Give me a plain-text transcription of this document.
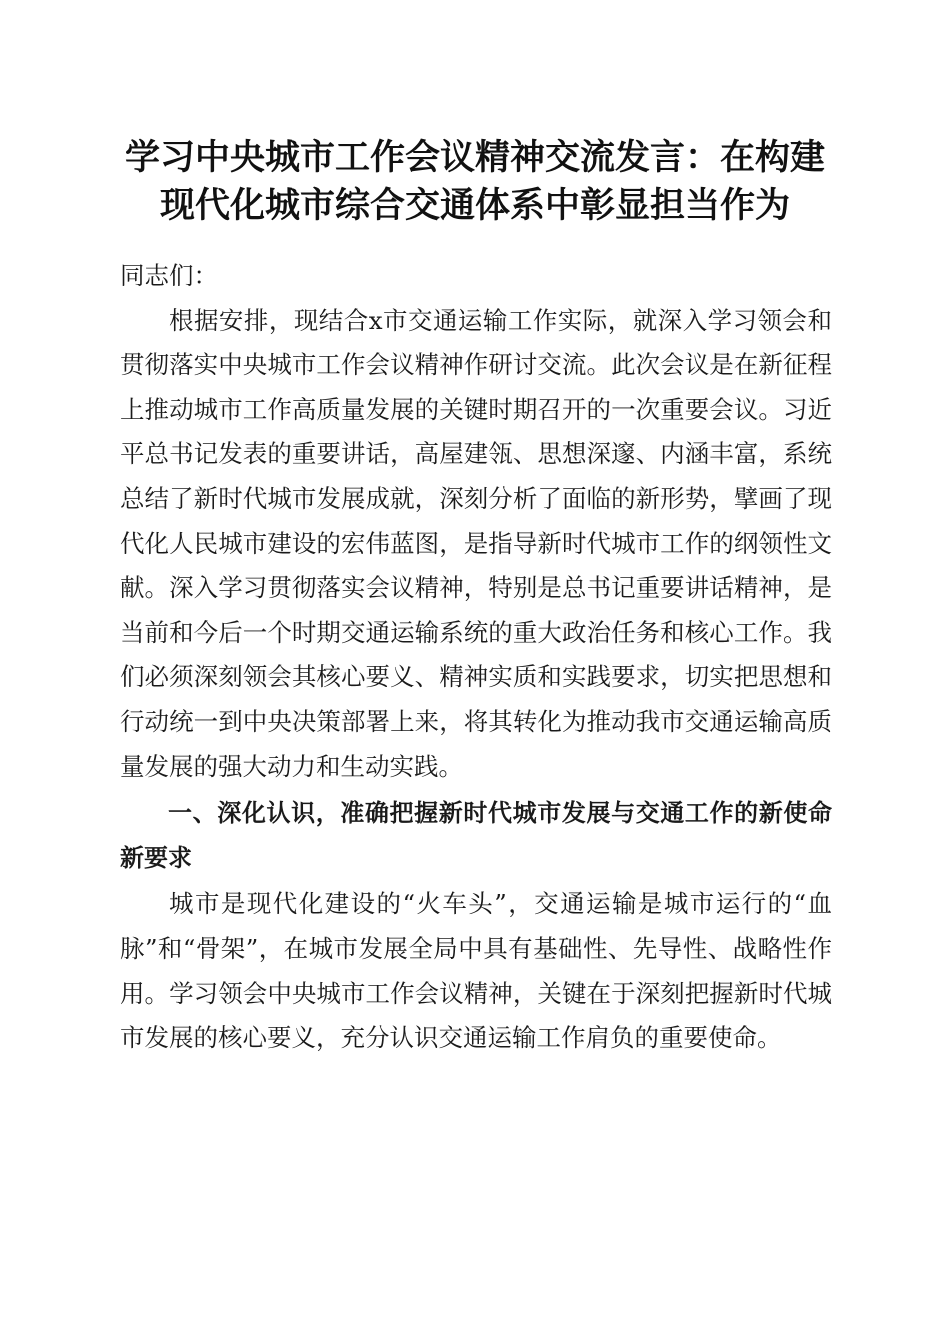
学习中央城市工作会议精神交流发言：在构建
现代化城市综合交通体系中彰显担当作为

同志们：

根据安排，现结合x市交通运输工作实际，就深入学习领会和贯彻落实中央城市工作会议精神作研讨交流。此次会议是在新征程上推动城市工作高质量发展的关键时期召开的一次重要会议。习近平总书记发表的重要讲话，高屋建瓴、思想深邃、内涵丰富，系统总结了新时代城市发展成就，深刻分析了面临的新形势，擘画了现代化人民城市建设的宏伟蓝图，是指导新时代城市工作的纲领性文献。深入学习贯彻落实会议精神，特别是总书记重要讲话精神，是当前和今后一个时期交通运输系统的重大政治任务和核心工作。我们必须深刻领会其核心要义、精神实质和实践要求，切实把思想和行动统一到中央决策部署上来，将其转化为推动我市交通运输高质量发展的强大动力和生动实践。

一、深化认识，准确把握新时代城市发展与交通工作的新使命新要求

城市是现代化建设的“火车头”，交通运输是城市运行的“血脉”和“骨架”，在城市发展全局中具有基础性、先导性、战略性作用。学习领会中央城市工作会议精神，关键在于深刻把握新时代城市发展的核心要义，充分认识交通运输工作肩负的重要使命。
